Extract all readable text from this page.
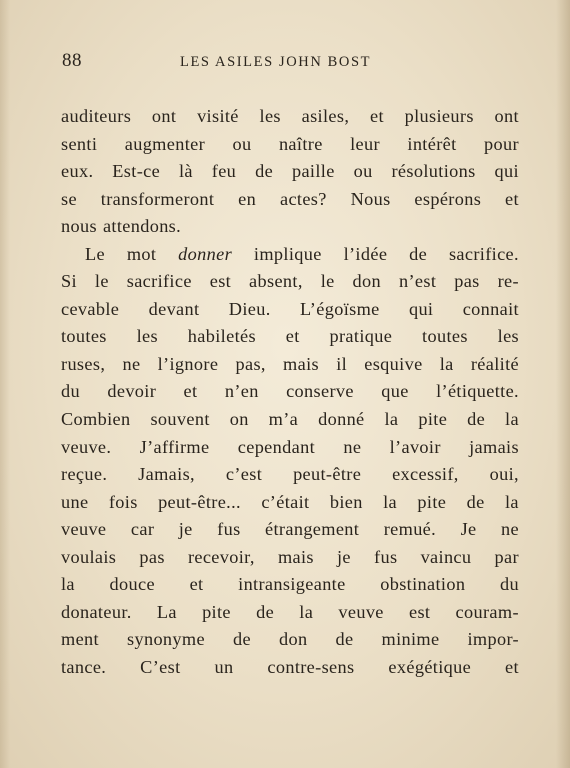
88	LES ASILES JOHN BOST
auditeurs ont visité les asiles, et plusieurs ont
senti augmenter ou naître leur intérêt pour
eux. Est-ce là feu de paille ou résolutions qui
se transformeront en actes? Nous espérons et
nous attendons.
Le mot donner implique l’idée de sacrifice.
Si le sacrifice est absent, le don n’est pas re-
cevable devant Dieu. L’égoïsme qui connait
toutes les habiletés et pratique toutes les
ruses, ne l’ignore pas, mais il esquive la réalité
du devoir et n’en conserve que l’étiquette.
Combien souvent on m’a donné la pite de la
veuve. J’affirme cependant ne l’avoir jamais
reçue. Jamais, c’est peut-être excessif, oui,
une fois peut-être... c’était bien la pite de la
veuve car je fus étrangement remué. Je ne
voulais pas recevoir, mais je fus vaincu par
la douce et intransigeante obstination du
donateur. La pite de la veuve est couram-
ment synonyme de don de minime impor-
tance. C’est un contre-sens exégétique et
